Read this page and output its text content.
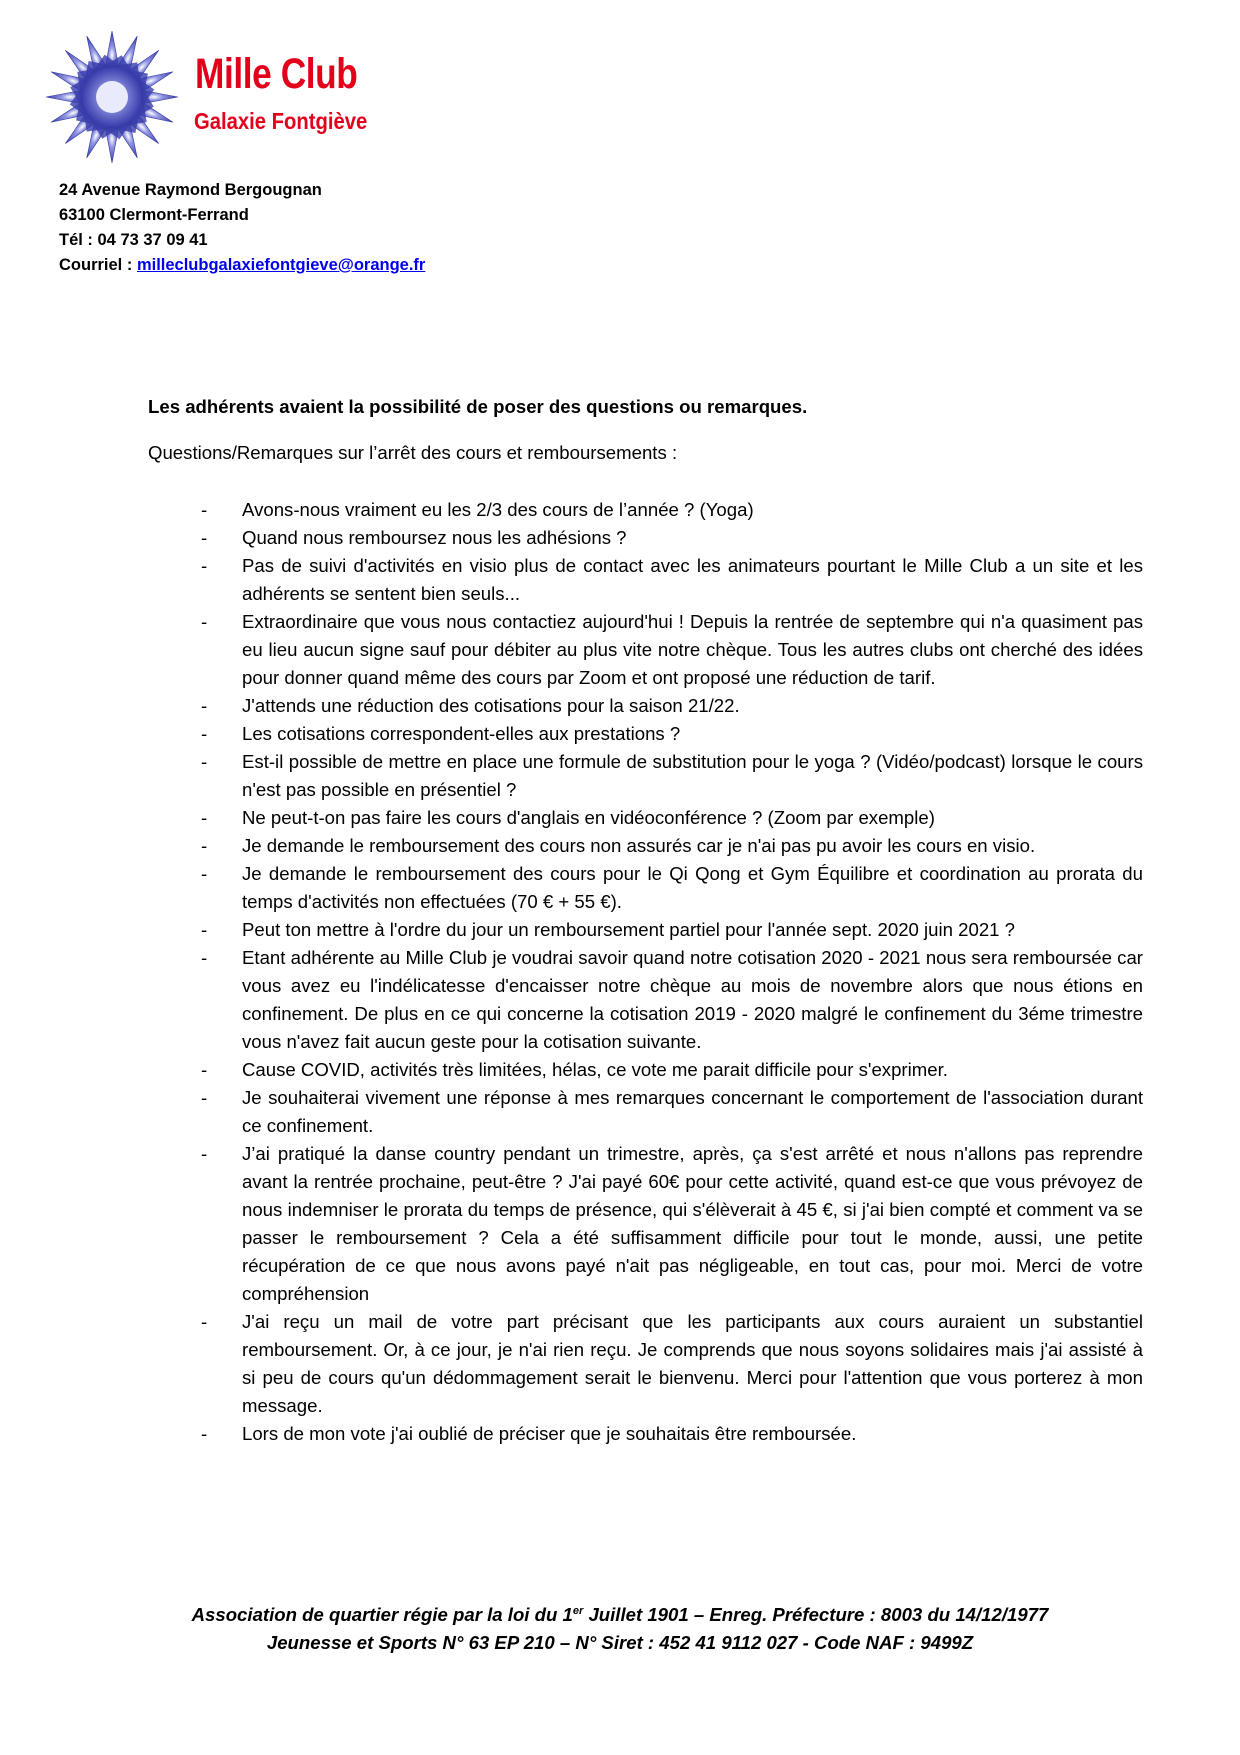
Mille Club
Galaxie Fontgiève
24 Avenue Raymond Bergougnan
63100 Clermont-Ferrand
Tél : 04 73 37 09 41
Courriel : milleclubgalaxiefontgieve@orange.fr

Les adhérents avaient la possibilité de poser des questions ou remarques.

Questions/Remarques sur l’arrêt des cours et remboursements :

- Avons-nous vraiment eu les 2/3 des cours de l’année ? (Yoga)
- Quand nous remboursez nous les adhésions ?
- Pas de suivi d'activités en visio plus de contact avec les animateurs pourtant le Mille Club a un site et les adhérents se sentent bien seuls...
- Extraordinaire que vous nous contactiez aujourd'hui ! Depuis la rentrée de septembre qui n'a quasiment pas eu lieu aucun signe sauf pour débiter au plus vite notre chèque. Tous les autres clubs ont cherché des idées pour donner quand même des cours par Zoom et ont proposé une réduction de tarif.
- J'attends une réduction des cotisations pour la saison 21/22.
- Les cotisations correspondent-elles aux prestations ?
- Est-il possible de mettre en place une formule de substitution pour le yoga ? (Vidéo/podcast) lorsque le cours n'est pas possible en présentiel ?
- Ne peut-t-on pas faire les cours d'anglais en vidéoconférence ? (Zoom par exemple)
- Je demande le remboursement des cours non assurés car je n'ai pas pu avoir les cours en visio.
- Je demande le remboursement des cours pour le Qi Qong et Gym Équilibre et coordination au prorata du temps d'activités non effectuées (70 € + 55 €).
- Peut ton mettre à l'ordre du jour un remboursement partiel pour l'année sept. 2020 juin 2021 ?
- Etant adhérente au Mille Club je voudrai savoir quand notre cotisation 2020 - 2021 nous sera remboursée car vous avez eu l'indélicatesse d'encaisser notre chèque au mois de novembre alors que nous étions en confinement. De plus en ce qui concerne la cotisation 2019 - 2020 malgré le confinement du 3éme trimestre vous n'avez fait aucun geste pour la cotisation suivante.
- Cause COVID, activités très limitées, hélas, ce vote me parait difficile pour s'exprimer.
- Je souhaiterai vivement une réponse à mes remarques concernant le comportement de l'association durant ce confinement.
- J’ai pratiqué la danse country pendant un trimestre, après, ça s'est arrêté et nous n'allons pas reprendre avant la rentrée prochaine, peut-être ? J'ai payé 60€ pour cette activité, quand est-ce que vous prévoyez de nous indemniser le prorata du temps de présence, qui s'élèverait à 45 €, si j'ai bien compté et comment va se passer le remboursement ? Cela a été suffisamment difficile pour tout le monde, aussi, une petite récupération de ce que nous avons payé n'ait pas négligeable, en tout cas, pour moi. Merci de votre compréhension
- J'ai reçu un mail de votre part précisant que les participants aux cours auraient un substantiel remboursement. Or, à ce jour, je n'ai rien reçu. Je comprends que nous soyons solidaires mais j'ai assisté à si peu de cours qu'un dédommagement serait le bienvenu. Merci pour l'attention que vous porterez à mon message.
- Lors de mon vote j'ai oublié de préciser que je souhaitais être remboursée.
Association de quartier régie par la loi du 1er Juillet 1901 – Enreg. Préfecture : 8003 du 14/12/1977
Jeunesse et Sports N° 63 EP 210 – N° Siret : 452 41 9112 027 - Code NAF : 9499Z
